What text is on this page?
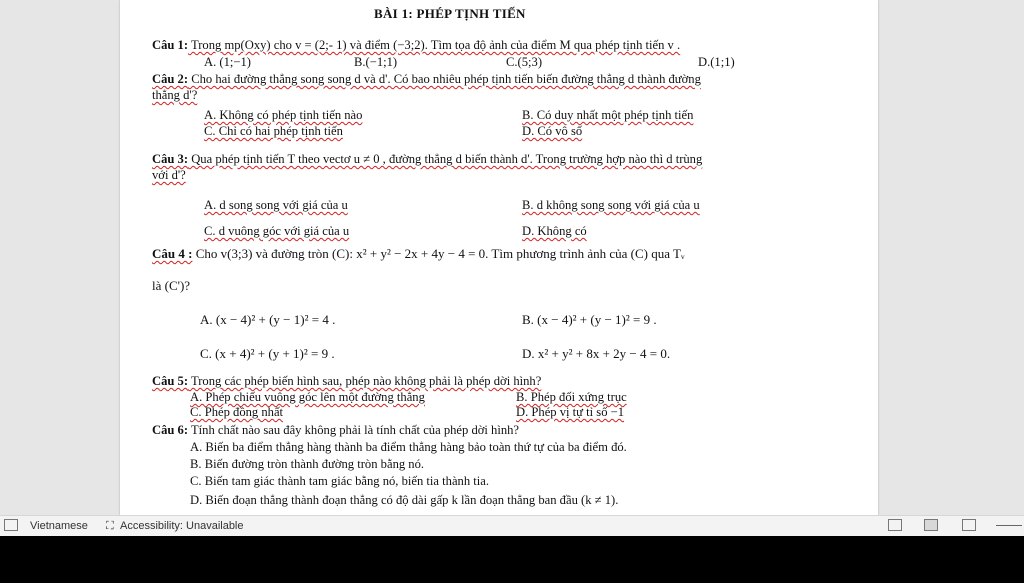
BÀI 1: PHÉP TỊNH TIẾN
Câu 1: Trong mp(Oxy) cho v = (2;- 1) và điểm (−3;2). Tìm tọa độ ảnh của điểm M qua phép tịnh tiến v .
A. (1;−1)	B.(−1;1)	C.(5;3)	D.(1;1)
Câu 2: Cho hai đường thẳng song song d và d'. Có bao nhiêu phép tịnh tiến biến đường thẳng d thành đường
thẳng d'?
A. Không có phép tịnh tiến nào	B. Có duy nhất một phép tịnh tiến
C. Chỉ có hai phép tịnh tiến	D. Có vô số
Câu 3: Qua phép tịnh tiến T theo vectơ u ≠ 0 , đường thẳng d biến thành d'. Trong trường hợp nào thì d trùng
với d'?
A. d song song với giá của u	B. d không song song với giá của u
C. d vuông góc với giá của u	D. Không có
Câu 4 : Cho v(3;3) và đường tròn (C): x² + y² − 2x + 4y − 4 = 0. Tìm phương trình ảnh của (C) qua Tᵥ
là (C')?
A. (x − 4)² + (y − 1)² = 4 .	B. (x − 4)² + (y − 1)² = 9 .
C. (x + 4)² + (y + 1)² = 9 .	D. x² + y² + 8x + 2y − 4 = 0.
Câu 5: Trong các phép biến hình sau, phép nào không phải là phép dời hình?
A. Phép chiếu vuông góc lên một đường thẳng	B. Phép đối xứng trục
C. Phép đồng nhất	D. Phép vị tự tỉ số −1
Câu 6: Tính chất nào sau đây không phải là tính chất của phép dời hình?
A. Biến ba điểm thẳng hàng thành ba điểm thẳng hàng bảo toàn thứ tự của ba điểm đó.
B. Biến đường tròn thành đường tròn bằng nó.
C. Biến tam giác thành tam giác bằng nó, biến tia thành tia.
D. Biến đoạn thẳng thành đoạn thẳng có độ dài gấp k lần đoạn thẳng ban đầu (k ≠ 1).
Vietnamese ⛶ Accessibility: Unavailable
